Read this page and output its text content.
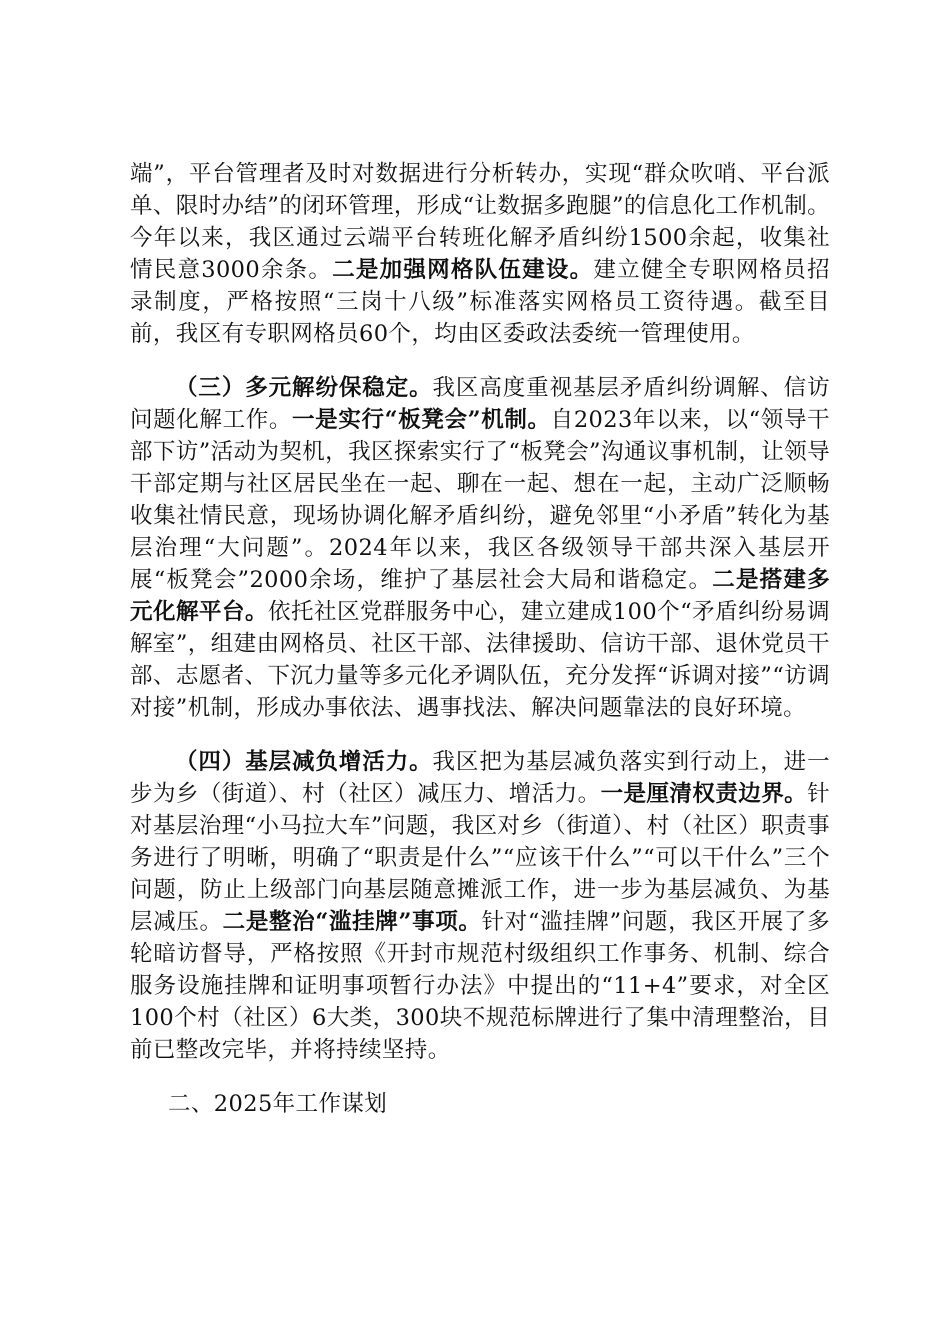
端”，平台管理者及时对数据进行分析转办，实现“群众吹哨、平台派单、限时办结”的闭环管理，形成“让数据多跑腿”的信息化工作机制。今年以来，我区通过云端平台转班化解矛盾纠纷1500余起，收集社情民意3000余条。二是加强网格队伍建设。建立健全专职网格员招录制度，严格按照“三岗十八级”标准落实网格员工资待遇。截至目前，我区有专职网格员60个，均由区委政法委统一管理使用。

（三）多元解纷保稳定。我区高度重视基层矛盾纠纷调解、信访问题化解工作。一是实行“板凳会”机制。自2023年以来，以“领导干部下访”活动为契机，我区探索实行了“板凳会”沟通议事机制，让领导干部定期与社区居民坐在一起、聊在一起、想在一起，主动广泛顺畅收集社情民意，现场协调化解矛盾纠纷，避免邻里“小矛盾”转化为基层治理“大问题”。2024年以来，我区各级领导干部共深入基层开展“板凳会”2000余场，维护了基层社会大局和谐稳定。二是搭建多元化解平台。依托社区党群服务中心，建立建成100个“矛盾纠纷易调解室”，组建由网格员、社区干部、法律援助、信访干部、退休党员干部、志愿者、下沉力量等多元化矛调队伍，充分发挥“诉调对接”“访调对接”机制，形成办事依法、遇事找法、解决问题靠法的良好环境。

（四）基层减负增活力。我区把为基层减负落实到行动上，进一步为乡（街道）、村（社区）减压力、增活力。一是厘清权责边界。针对基层治理“小马拉大车”问题，我区对乡（街道）、村（社区）职责事务进行了明晰，明确了“职责是什么”“应该干什么”“可以干什么”三个问题，防止上级部门向基层随意摊派工作，进一步为基层减负、为基层减压。二是整治“滥挂牌”事项。针对“滥挂牌”问题，我区开展了多轮暗访督导，严格按照《开封市规范村级组织工作事务、机制、综合服务设施挂牌和证明事项暂行办法》中提出的“11+4”要求，对全区100个村（社区）6大类，300块不规范标牌进行了集中清理整治，目前已整改完毕，并将持续坚持。

二、2025年工作谋划
